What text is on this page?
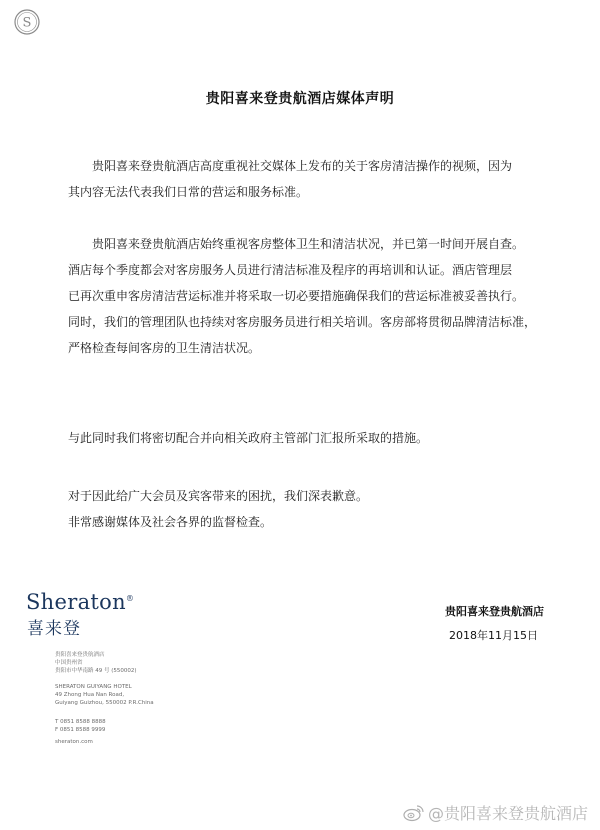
S
贵阳喜来登贵航酒店媒体声明
贵阳喜来登贵航酒店高度重视社交媒体上发布的关于客房清洁操作的视频，因为
其内容无法代表我们日常的营运和服务标准。
贵阳喜来登贵航酒店始终重视客房整体卫生和清洁状况，并已第一时间开展自查。
酒店每个季度都会对客房服务人员进行清洁标准及程序的再培训和认证。酒店管理层
已再次重申客房清洁营运标准并将采取一切必要措施确保我们的营运标准被妥善执行。
同时，我们的管理团队也持续对客房服务员进行相关培训。客房部将贯彻品牌清洁标准，
严格检查每间客房的卫生清洁状况。
与此同时我们将密切配合并向相关政府主管部门汇报所采取的措施。
对于因此给广大会员及宾客带来的困扰，我们深表歉意。
非常感谢媒体及社会各界的监督检查。
Sheraton®
喜来登
贵阳喜来登贵航酒店
中国贵州省
贵阳市中华南路 49 号 (550002)
SHERATON GUIYANG HOTEL
49 Zhong Hua Nan Road,
Guiyang Guizhou, 550002 P.R.China
T 0851 8588 8888
F 0851 8588 9999
sheraton.com
贵阳喜来登贵航酒店
2018年11月15日
@贵阳喜来登贵航酒店
